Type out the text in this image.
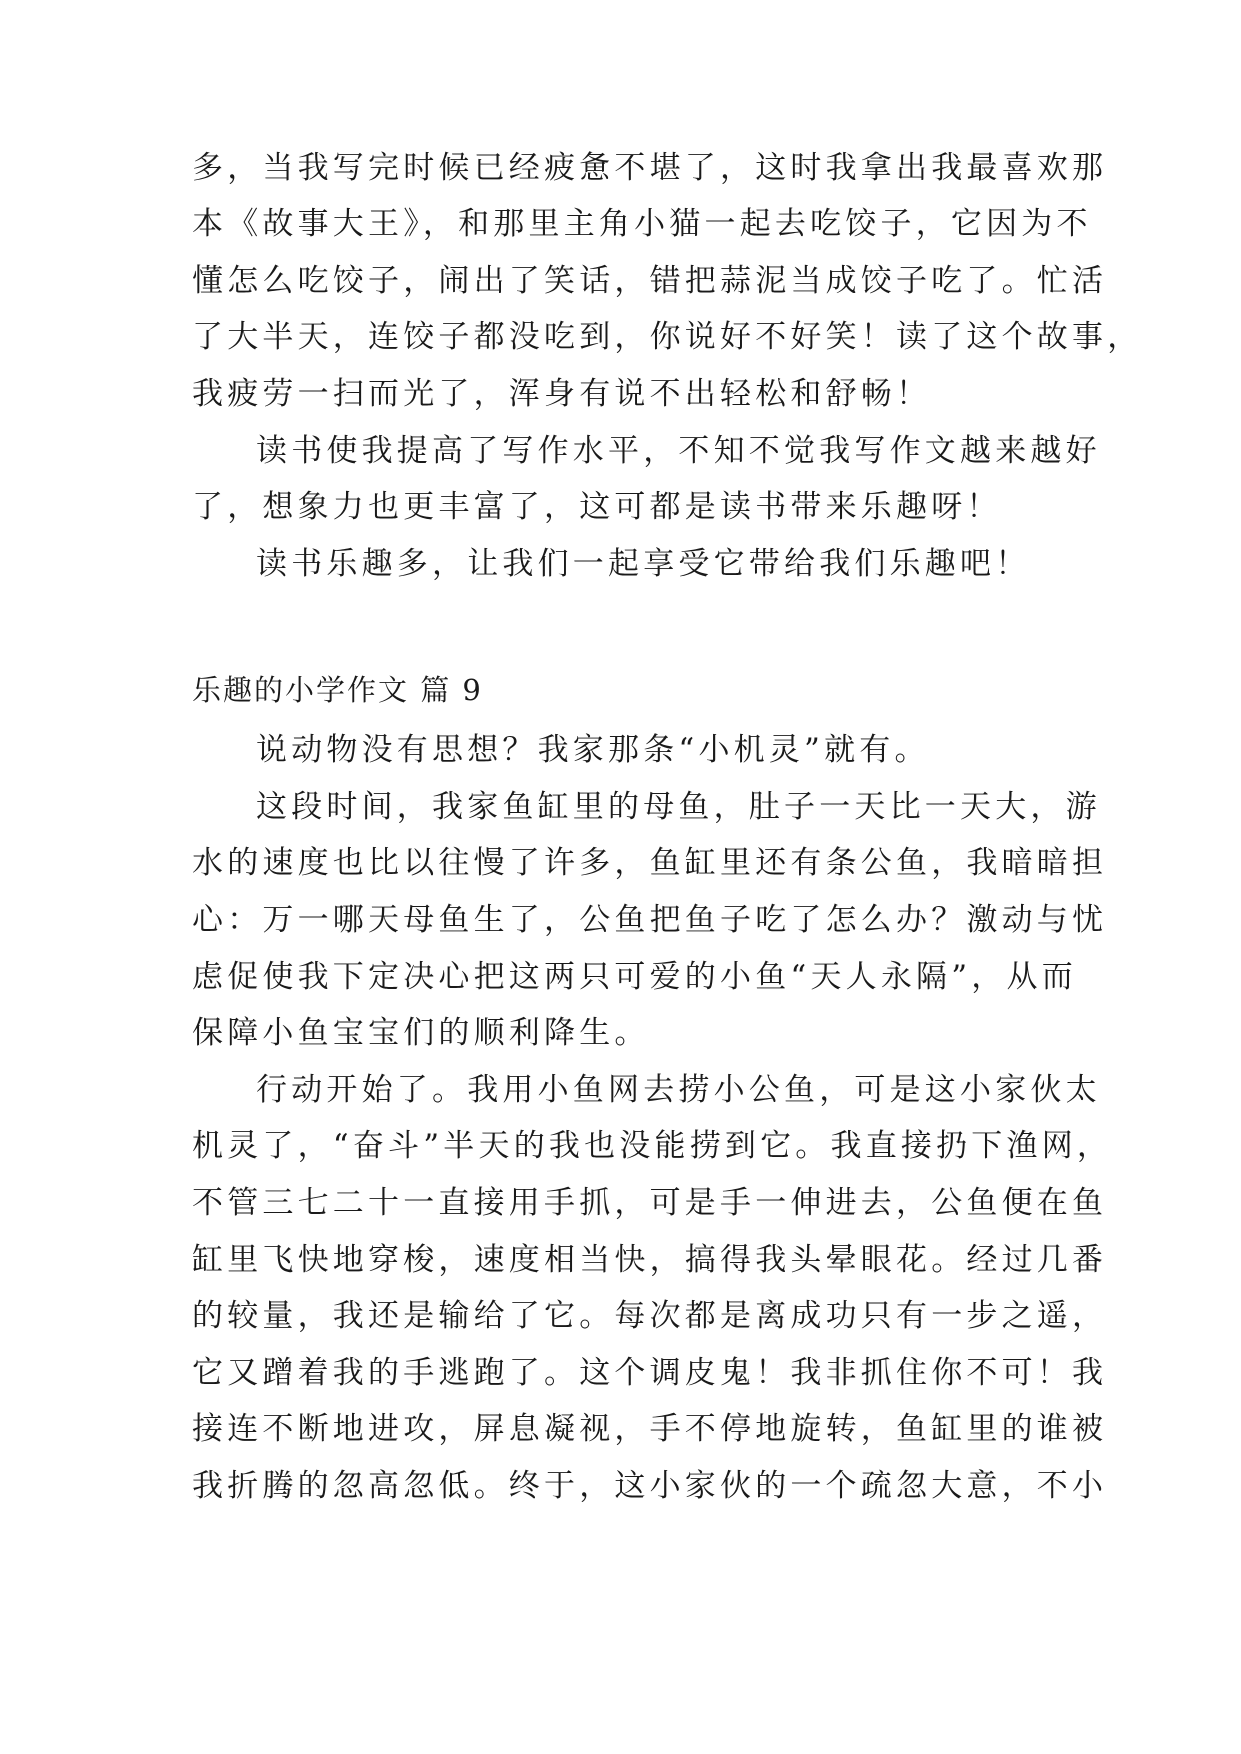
多，当我写完时候已经疲惫不堪了，这时我拿出我最喜欢那
本《故事大王》，和那里主角小猫一起去吃饺子，它因为不
懂怎么吃饺子，闹出了笑话，错把蒜泥当成饺子吃了。忙活
了大半天，连饺子都没吃到，你说好不好笑！读了这个故事，
我疲劳一扫而光了，浑身有说不出轻松和舒畅！
读书使我提高了写作水平，不知不觉我写作文越来越好
了，想象力也更丰富了，这可都是读书带来乐趣呀！
读书乐趣多，让我们一起享受它带给我们乐趣吧！
乐趣的小学作文 篇 9
说动物没有思想？我家那条“小机灵”就有。
这段时间，我家鱼缸里的母鱼，肚子一天比一天大，游
水的速度也比以往慢了许多，鱼缸里还有条公鱼，我暗暗担
心：万一哪天母鱼生了，公鱼把鱼子吃了怎么办？激动与忧
虑促使我下定决心把这两只可爱的小鱼“天人永隔”，从而
保障小鱼宝宝们的顺利降生。
行动开始了。我用小鱼网去捞小公鱼，可是这小家伙太
机灵了，“奋斗”半天的我也没能捞到它。我直接扔下渔网，
不管三七二十一直接用手抓，可是手一伸进去，公鱼便在鱼
缸里飞快地穿梭，速度相当快，搞得我头晕眼花。经过几番
的较量，我还是输给了它。每次都是离成功只有一步之遥，
它又蹭着我的手逃跑了。这个调皮鬼！我非抓住你不可！我
接连不断地进攻，屏息凝视，手不停地旋转，鱼缸里的谁被
我折腾的忽高忽低。终于，这小家伙的一个疏忽大意，不小
